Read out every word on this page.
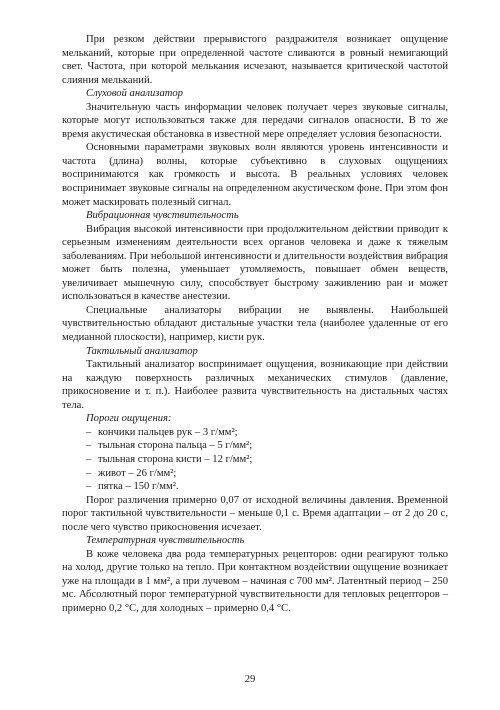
При резком действии прерывистого раздражителя возникает ощущение мельканий, которые при определенной частоте сливаются в ровный немигающий свет. Частота, при которой мелькания исчезают, называется критической частотой слияния мельканий.

Слуховой анализатор

Значительную часть информации человек получает через звуковые сигналы, которые могут использоваться также для передачи сигналов опасности. В то же время акустическая обстановка в известной мере определяет условия безопасности.

Основными параметрами звуковых волн являются уровень интенсивности и частота (длина) волны, которые субъективно в слуховых ощущениях воспринимаются как громкость и высота. В реальных условиях человек воспринимает звуковые сигналы на определенном акустическом фоне. При этом фон может маскировать полезный сигнал.

Вибрационная чувствительность

Вибрация высокой интенсивности при продолжительном действии приводит к серьезным изменениям деятельности всех органов человека и даже к тяжелым заболеваниям. При небольшой интенсивности и длительности воздействия вибрация может быть полезна, уменьшает утомляемость, повышает обмен веществ, увеличивает мышечную силу, способствует быстрому заживлению ран и может использоваться в качестве анестезии.

Специальные анализаторы вибрации не выявлены. Наибольшей чувствительностью обладают дистальные участки тела (наиболее удаленные от его медианной плоскости), например, кисти рук.

Тактильный анализатор

Тактильный анализатор воспринимает ощущения, возникающие при действии на каждую поверхность различных механических стимулов (давление, прикосновение и т. п.). Наиболее развита чувствительность на дистальных частях тела.

Пороги ощущения:
– кончики пальцев рук – 3 г/мм²;
– тыльная сторона пальца – 5 г/мм²;
– тыльная сторона кисти – 12 г/мм²;
– живот – 26 г/мм²;
– пятка – 150 г/мм².

Порог различения примерно 0,07 от исходной величины давления. Временной порог тактильной чувствительности – меньше 0,1 с. Время адаптации – от 2 до 20 с, после чего чувство прикосновения исчезает.

Температурная чувствительность

В коже человека два рода температурных рецепторов: одни реагируют только на холод, другие только на тепло. При контактном воздействии ощущение возникает уже на площади в 1 мм², а при лучевом – начиная с 700 мм². Латентный период – 250 мс. Абсолютный порог температурной чувствительности для тепловых рецепторов – примерно 0,2 °С, для холодных – примерно 0,4 °С.

29
